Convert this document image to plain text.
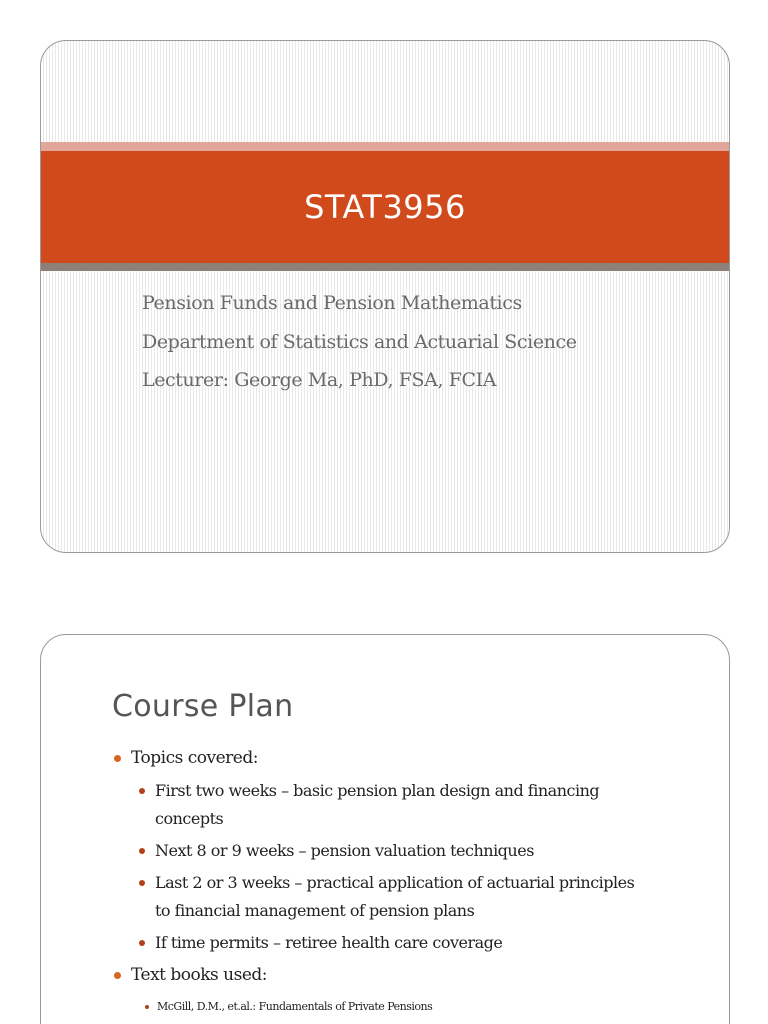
STAT3956
Pension Funds and Pension Mathematics
Department of Statistics and Actuarial Science
Lecturer: George Ma, PhD, FSA, FCIA
Course Plan
Topics covered:
First two weeks – basic pension plan design and financing
concepts
Next 8 or 9 weeks – pension valuation techniques
Last 2 or 3 weeks – practical application of actuarial principles
to financial management of pension plans
If time permits – retiree health care coverage
Text books used:
McGill, D.M., et.al.: Fundamentals of Private Pensions
